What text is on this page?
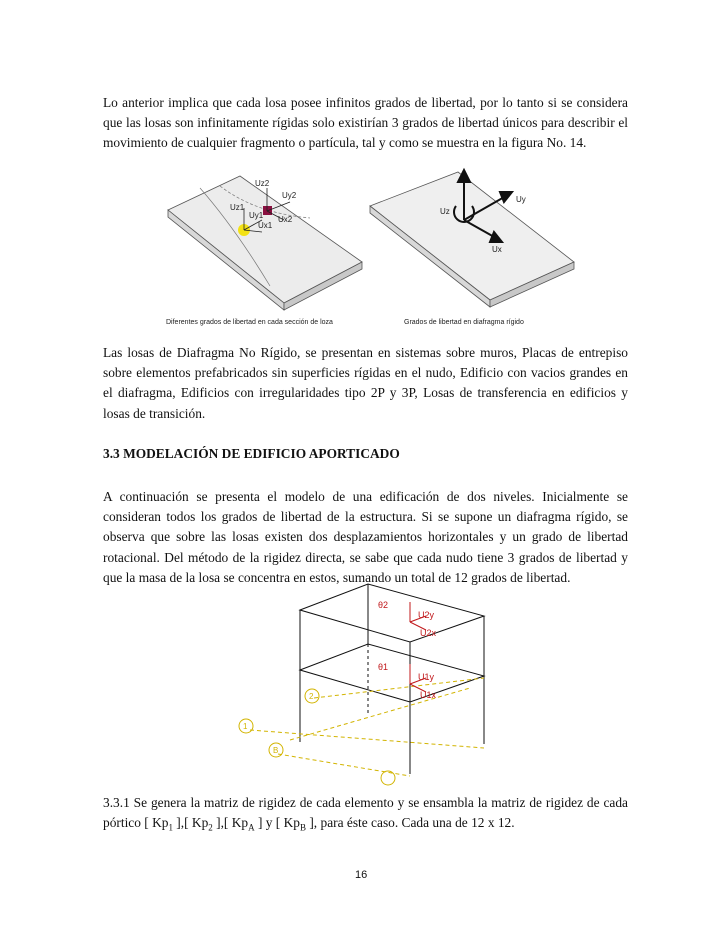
Lo anterior implica que cada losa posee infinitos grados de libertad, por lo tanto si se considera que las losas son infinitamente rígidas solo existirían 3 grados de libertad únicos para describir el movimiento de cualquier fragmento o partícula, tal y como se muestra en la figura No. 14.

Uz2
Uy2
Uz1
Uy1
Ux1
Ux2
Diferentes grados de libertad en cada sección de loza
Uz
Uy
Ux
Grados de libertad en diafragma rígido

Las losas de Diafragma No Rígido, se presentan en sistemas sobre muros, Placas de entrepiso sobre elementos prefabricados sin superficies rígidas en el nudo, Edificio con vacios grandes en el diafragma, Edificios con irregularidades tipo 2P y 3P, Losas de transferencia en edificios y losas de transición.

3.3 MODELACIÓN DE EDIFICIO APORTICADO

A continuación se presenta el modelo de una edificación de dos niveles. Inicialmente se consideran todos los grados de libertad de la estructura. Si se supone un diafragma rígido, se observa que sobre las losas existen dos desplazamientos horizontales y un grado de libertad rotacional. Del método de la rigidez directa, se sabe que cada nudo tiene 3 grados de libertad y que la masa de la losa se concentra en estos, sumando un total de 12 grados de libertad.

2
1
B
θ2
U2y
U2x
θ1
U1y
U1x

3.3.1 Se genera la matriz de rigidez de cada elemento y se ensambla la matriz de rigidez de cada pórtico [ $Kp_1$ ],[ $Kp_2$ ],[ $Kp_A$ ] y [ $Kp_B$ ], para éste caso. Cada una de 12 x 12.

16
